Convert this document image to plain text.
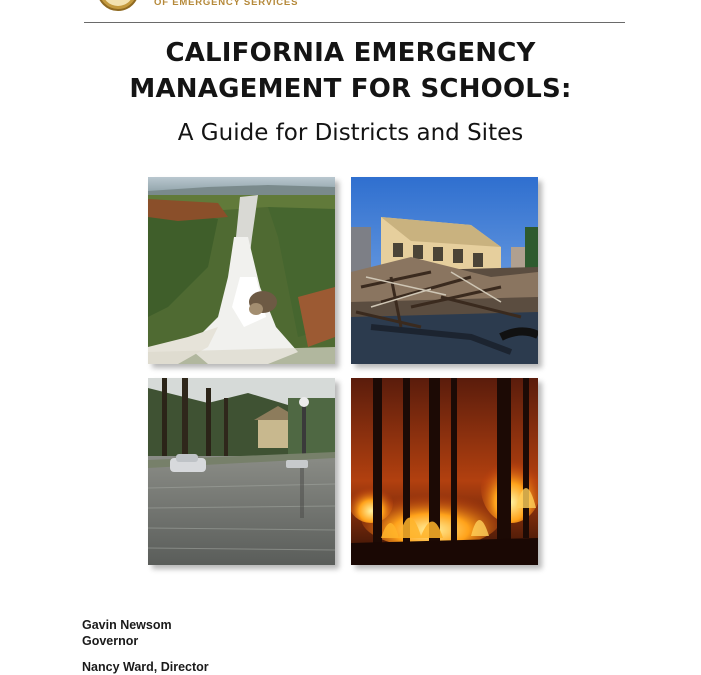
OF EMERGENCY SERVICES
CALIFORNIA EMERGENCY
MANAGEMENT FOR SCHOOLS:
A Guide for Districts and Sites
Gavin Newsom
Governor
Nancy Ward, Director
